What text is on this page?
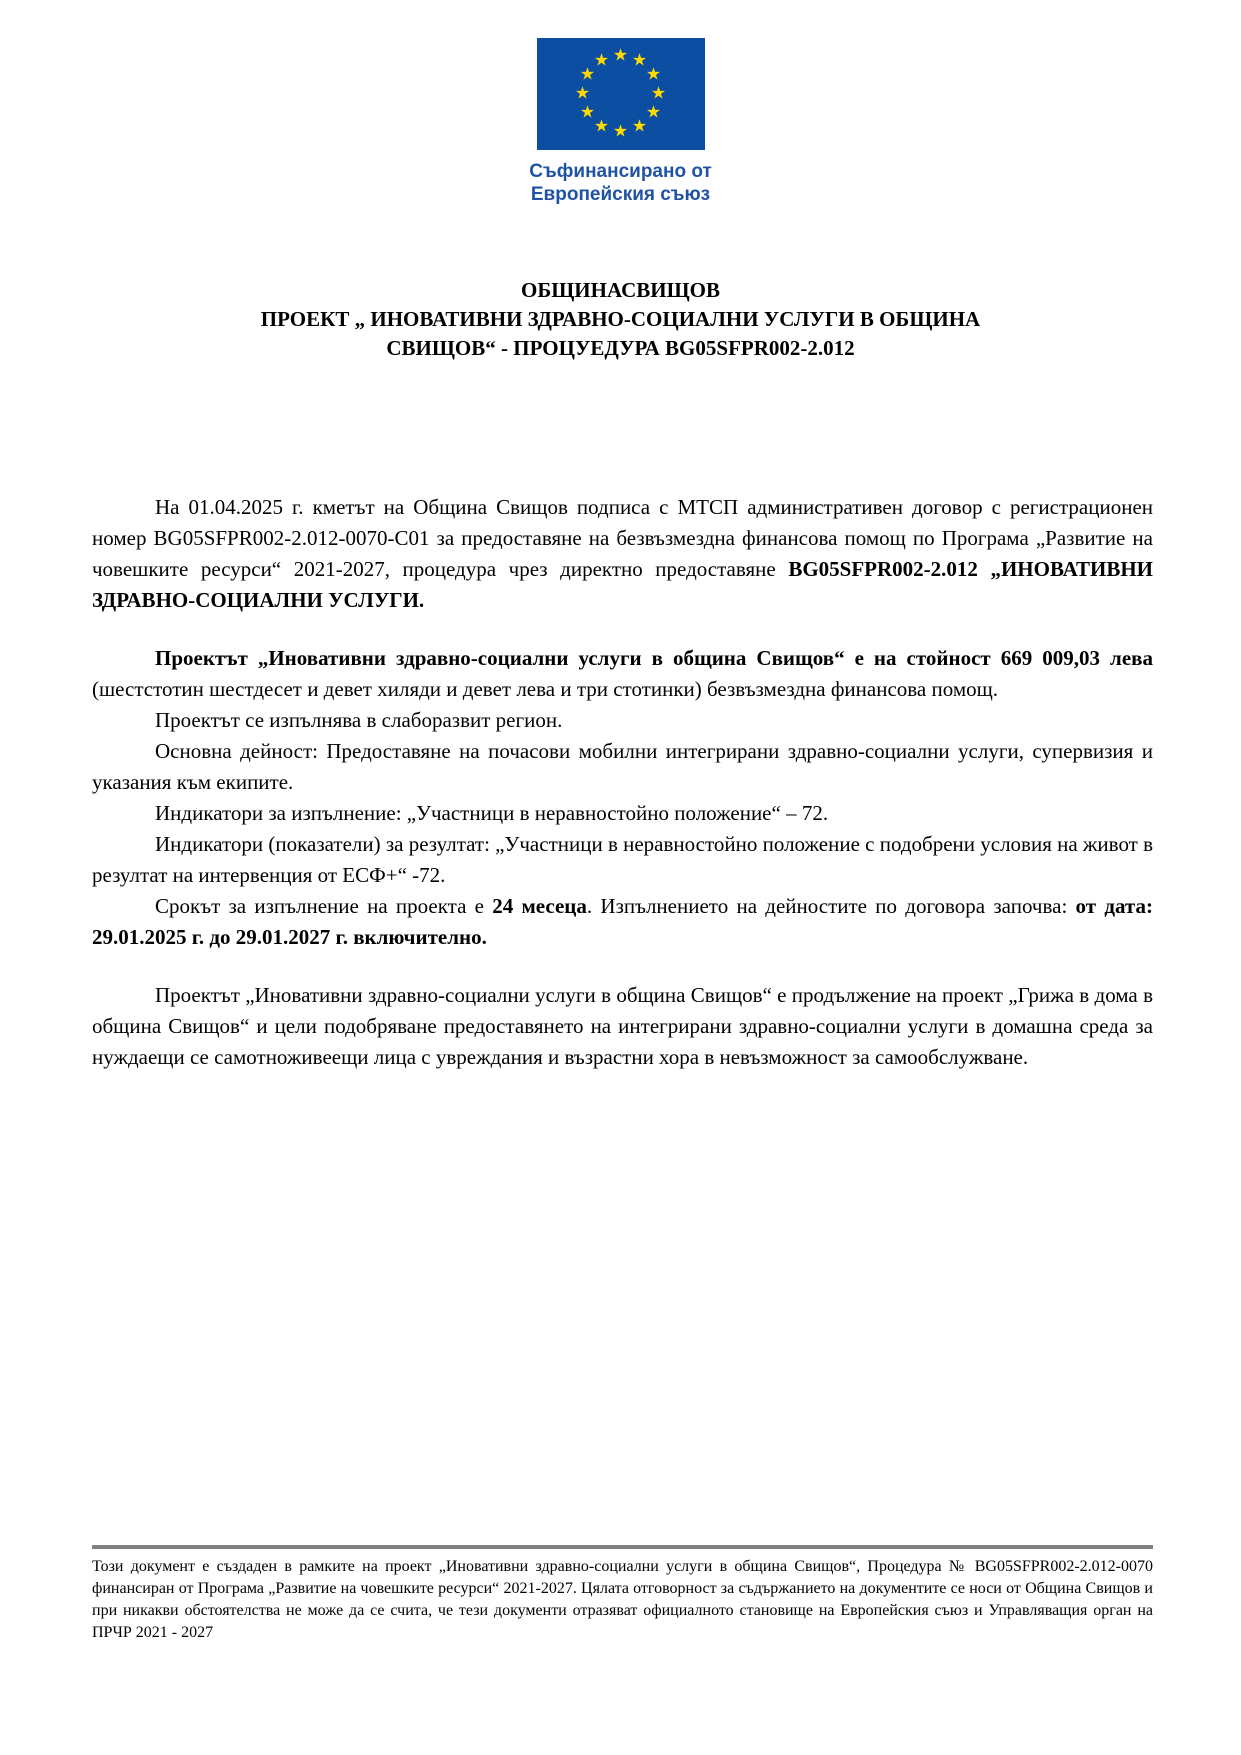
★ ★
★
★
★
★
★
★
★
★
★
★
Съфинансирано от
Европейския съюз
ОБЩИНАСВИЩОВ
ПРОЕКТ „ ИНОВАТИВНИ ЗДРАВНО-СОЦИАЛНИ УСЛУГИ В ОБЩИНА
СВИЩОВ“ - ПРОЦУЕДУРА BG05SFPR002-2.012

На 01.04.2025 г. кметът на Община Свищов подписа с МТСП административен договор с регистрационен номер BG05SFPR002-2.012-0070-C01 за предоставяне на безвъзмездна финансова помощ по Програма „Развитие на човешките ресурси“ 2021-2027, процедура чрез директно предоставяне BG05SFPR002-2.012 „ИНОВАТИВНИ ЗДРАВНО-СОЦИАЛНИ УСЛУГИ.

Проектът „Иновативни здравно-социални услуги в община Свищов“ е на стойност 669 009,03 лева (шестстотин шестдесет и девет хиляди и девет лева и три стотинки) безвъзмездна финансова помощ.

Проектът се изпълнява в слаборазвит регион.

Основна дейност: Предоставяне на почасови мобилни интегрирани здравно-социални услуги, супервизия и указания към екипите.

Индикатори за изпълнение: „Участници в неравностойно положение“ – 72.

Индикатори (показатели) за резултат: „Участници в неравностойно положение с подобрени условия на живот в резултат на интервенция от ЕСФ+“ -72.

Срокът за изпълнение на проекта е 24 месеца. Изпълнението на дейностите по договора започва: от дата: 29.01.2025 г. до 29.01.2027 г. включително.

Проектът „Иновативни здравно-социални услуги в община Свищов“ е продължение на проект „Грижа в дома в община Свищов“ и цели подобряване предоставянето на интегрирани здравно-социални услуги в домашна среда за нуждаещи се самотноживеещи лица с увреждания и възрастни хора в невъзможност за самообслужване.

Този документ е създаден в рамките на проект „Иновативни здравно-социални услуги в община Свищов“, Процедура № BG05SFPR002-2.012-0070 финансиран от Програма „Развитие на човешките ресурси“ 2021-2027. Цялата отговорност за съдържанието на документите се носи от Община Свищов и при никакви обстоятелства не може да се счита, че тези документи отразяват официалното становище на Европейския съюз и Управляващия орган на ПРЧР 2021 - 2027
